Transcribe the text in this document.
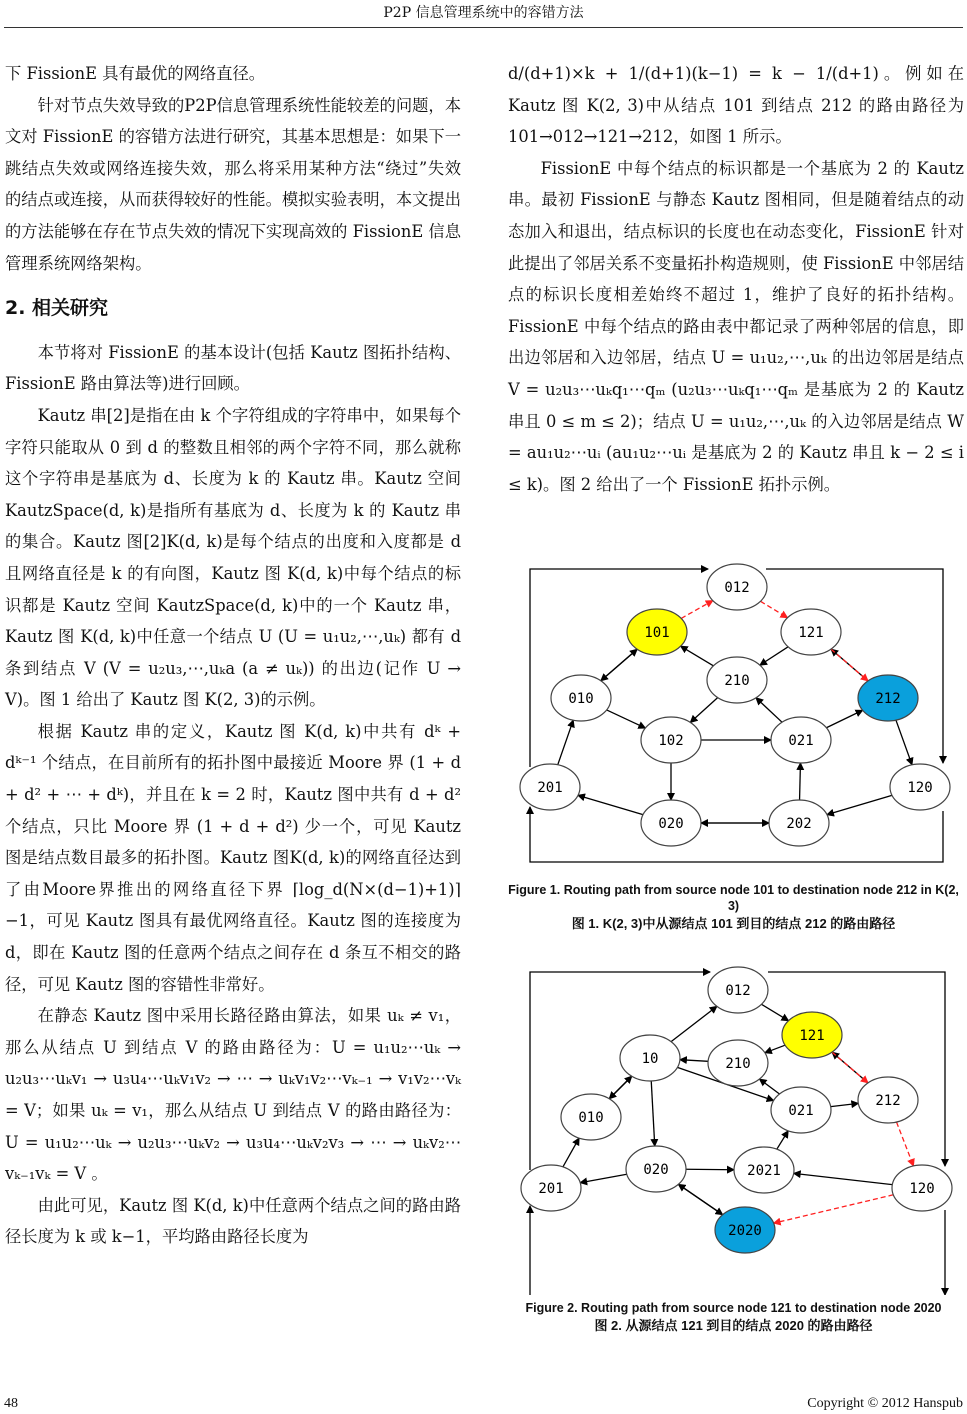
P2P 信息管理系统中的容错方法

下 FissionE 具有最优的网络直径。

针对节点失效导致的P2P信息管理系统性能较差的问题，本文对 FissionE 的容错方法进行研究，其基本思想是：如果下一跳结点失效或网络连接失效，那么将采用某种方法“绕过”失效的结点或连接，从而获得较好的性能。模拟实验表明，本文提出的方法能够在存在节点失效的情况下实现高效的 FissionE 信息管理系统网络架构。

2. 相关研究

本节将对 FissionE 的基本设计(包括 Kautz 图拓扑结构、FissionE 路由算法等)进行回顾。

Kautz 串[2]是指在由 k 个字符组成的字符串中，如果每个字符只能取从 0 到 d 的整数且相邻的两个字符不同，那么就称这个字符串是基底为 d、长度为 k 的 Kautz 串。Kautz 空间 KautzSpace(d, k)是指所有基底为 d、长度为 k 的 Kautz 串的集合。Kautz 图[2]K(d, k)是每个结点的出度和入度都是 d 且网络直径是 k 的有向图，Kautz 图 K(d, k)中每个结点的标识都是 Kautz 空间 KautzSpace(d, k)中的一个 Kautz 串，Kautz 图 K(d, k)中任意一个结点 U (U = u₁u₂,⋯,uₖ) 都有 d 条到结点 V (V = u₂u₃,⋯,uₖa (a ≠ uₖ)) 的出边(记作 U → V)。图 1 给出了 Kautz 图 K(2, 3)的示例。

根据 Kautz 串的定义，Kautz 图 K(d, k)中共有 dᵏ + dᵏ⁻¹ 个结点，在目前所有的拓扑图中最接近 Moore 界 (1 + d + d² + ⋯ + dᵏ)，并且在 k = 2 时，Kautz 图中共有 d + d² 个结点，只比 Moore 界 (1 + d + d²) 少一个，可见 Kautz 图是结点数目最多的拓扑图。Kautz 图K(d, k)的网络直径达到了由Moore界推出的网络直径下界 ⌈log_d(N×(d−1)+1)⌉−1，可见 Kautz 图具有最优网络直径。Kautz 图的连接度为 d，即在 Kautz 图的任意两个结点之间存在 d 条互不相交的路径，可见 Kautz 图的容错性非常好。

在静态 Kautz 图中采用长路径路由算法，如果 uₖ ≠ v₁，那么从结点 U 到结点 V 的路由路径为：U = u₁u₂⋯uₖ → u₂u₃⋯uₖv₁ → u₃u₄⋯uₖv₁v₂ → ⋯ → uₖv₁v₂⋯vₖ₋₁ → v₁v₂⋯vₖ = V；如果 uₖ = v₁，那么从结点 U 到结点 V 的路由路径为：U = u₁u₂⋯uₖ → u₂u₃⋯uₖv₂ → u₃u₄⋯uₖv₂v₃ → ⋯ → uₖv₂⋯vₖ₋₁vₖ = V 。

由此可见，Kautz 图 K(d, k)中任意两个结点之间的路由路径长度为 k 或 k−1，平均路由路径长度为

d/(d+1)×k + 1/(d+1)(k−1) = k − 1/(d+1)。例如在 Kautz 图 K(2, 3)中从结点 101 到结点 212 的路由路径为 101→012→121→212，如图 1 所示。

FissionE 中每个结点的标识都是一个基底为 2 的 Kautz 串。最初 FissionE 与静态 Kautz 图相同，但是随着结点的动态加入和退出，结点标识的长度也在动态变化，FissionE 针对此提出了邻居关系不变量拓扑构造规则，使 FissionE 中邻居结点的标识长度相差始终不超过 1，维护了良好的拓扑结构。FissionE 中每个结点的路由表中都记录了两种邻居的信息，即出边邻居和入边邻居，结点 U = u₁u₂,⋯,uₖ 的出边邻居是结点 V = u₂u₃⋯uₖq₁⋯qₘ (u₂u₃⋯uₖq₁⋯qₘ 是基底为 2 的 Kautz 串且 0 ≤ m ≤ 2)；结点 U = u₁u₂,⋯,uₖ 的入边邻居是结点 W = au₁u₂⋯uᵢ (au₁u₂⋯uᵢ 是基底为 2 的 Kautz 串且 k − 2 ≤ i ≤ k)。图 2 给出了一个 FissionE 拓扑示例。

012
101	121
210
010	212
102	021
201	120
020	202
Figure 1. Routing path from source node 101 to destination node 212 in K(2, 3)
图 1. K(2, 3)中从源结点 101 到目的结点 212 的路由路径
012
121
10	210
010
212
021
020	2021
201	120
2020
Figure 2. Routing path from source node 121 to destination node 2020
图 2. 从源结点 121 到目的结点 2020 的路由路径
48	Copyright © 2012 Hanspub
